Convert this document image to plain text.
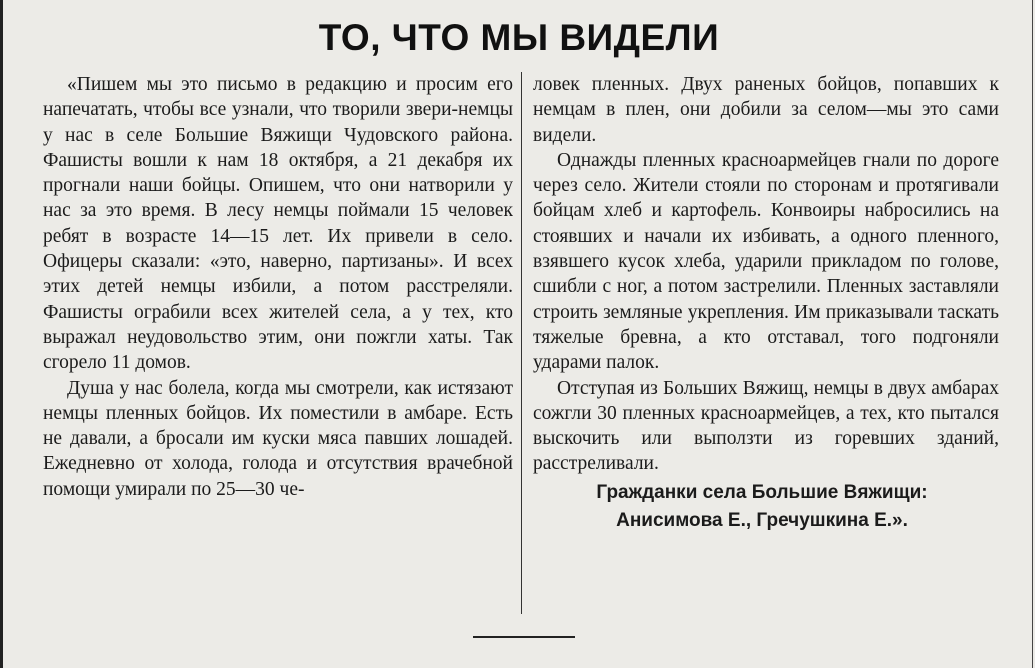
ТО, ЧТО МЫ ВИДЕЛИ

«Пишем мы это письмо в редакцию и просим его напечатать, чтобы все узнали, что творили звери-немцы у нас в селе Большие Вяжищи Чудовского района. Фашисты вошли к нам 18 октября, а 21 декабря их прогнали наши бойцы. Опишем, что они натворили у нас за это время. В лесу немцы поймали 15 человек ребят в возрасте 14—15 лет. Их привели в село. Офицеры сказали: «это, наверно, партизаны». И всех этих детей немцы избили, а потом расстреляли. Фашисты ограбили всех жителей села, а у тех, кто выражал неудовольство этим, они пожгли хаты. Так сгорело 11 домов.

Душа у нас болела, когда мы смотрели, как истязают немцы пленных бойцов. Их поместили в амбаре. Есть не давали, а бросали им куски мяса павших лошадей. Ежедневно от холода, голода и отсутствия врачебной помощи умирали по 25—30 че-

ловек пленных. Двух раненых бойцов, попавших к немцам в плен, они добили за селом—мы это сами видели.

Однажды пленных красноармейцев гнали по дороге через село. Жители стояли по сторонам и протягивали бойцам хлеб и картофель. Конвоиры набросились на стоявших и начали их избивать, а одного пленного, взявшего кусок хлеба, ударили прикладом по голове, сшибли с ног, а потом застрелили. Пленных заставляли строить земляные укрепления. Им приказывали таскать тяжелые бревна, а кто отставал, того подгоняли ударами палок.

Отступая из Больших Вяжищ, немцы в двух амбарах сожгли 30 пленных красноармейцев, а тех, кто пытался выскочить или выползти из горевших зданий, расстреливали.

Гражданки села Большие Вяжищи:
Анисимова Е., Гречушкина Е.».
